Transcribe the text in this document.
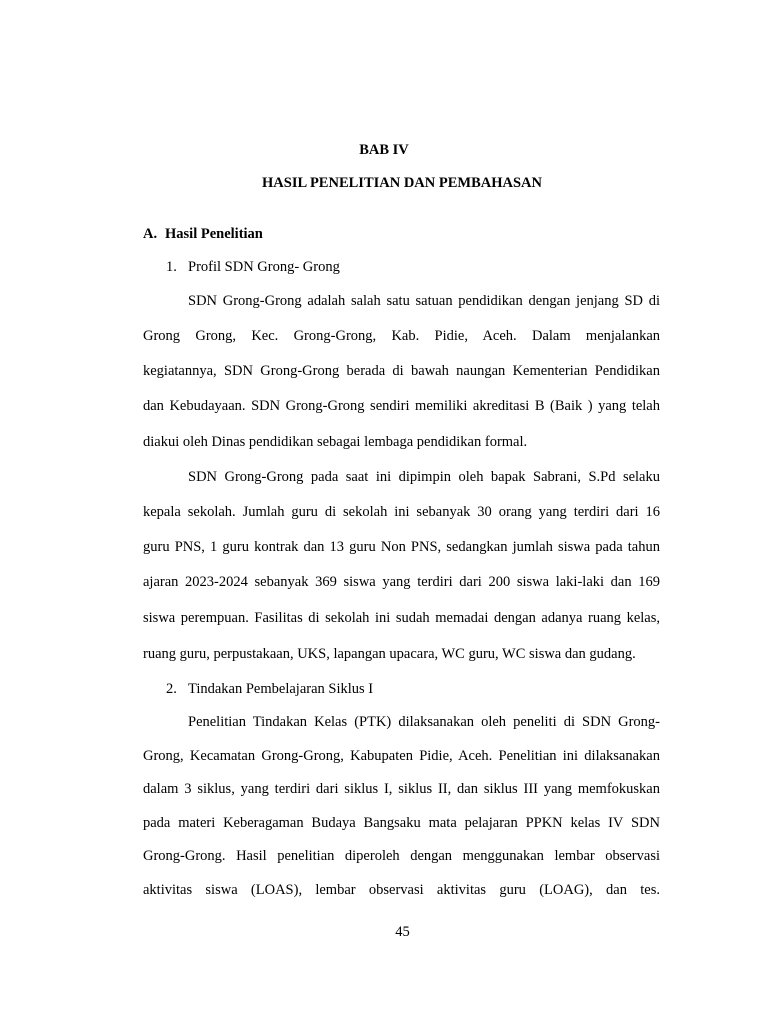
BAB IV
HASIL PENELITIAN DAN PEMBAHASAN
A. Hasil Penelitian
1. Profil SDN Grong- Grong
SDN Grong-Grong adalah salah satu satuan pendidikan dengan jenjang SD di
Grong Grong, Kec. Grong-Grong, Kab. Pidie, Aceh. Dalam menjalankan
kegiatannya, SDN Grong-Grong berada di bawah naungan Kementerian Pendidikan
dan Kebudayaan. SDN Grong-Grong sendiri memiliki akreditasi B (Baik ) yang telah
diakui oleh Dinas pendidikan sebagai lembaga pendidikan formal.
SDN Grong-Grong pada saat ini dipimpin oleh bapak Sabrani, S.Pd selaku
kepala sekolah. Jumlah guru di sekolah ini sebanyak 30 orang yang terdiri dari 16
guru PNS, 1 guru kontrak dan 13 guru Non PNS, sedangkan jumlah siswa pada tahun
ajaran 2023-2024 sebanyak 369 siswa yang terdiri dari 200 siswa laki-laki dan 169
siswa perempuan. Fasilitas di sekolah ini sudah memadai dengan adanya ruang kelas,
ruang guru, perpustakaan, UKS, lapangan upacara, WC guru, WC siswa dan gudang.
2. Tindakan Pembelajaran Siklus I
Penelitian Tindakan Kelas (PTK) dilaksanakan oleh peneliti di SDN Grong-
Grong, Kecamatan Grong-Grong, Kabupaten Pidie, Aceh. Penelitian ini dilaksanakan
dalam 3 siklus, yang terdiri dari siklus I, siklus II, dan siklus III yang memfokuskan
pada materi Keberagaman Budaya Bangsaku mata pelajaran PPKN kelas IV SDN
Grong-Grong. Hasil penelitian diperoleh dengan menggunakan lembar observasi
aktivitas siswa (LOAS), lembar observasi aktivitas guru (LOAG), dan tes.
45
